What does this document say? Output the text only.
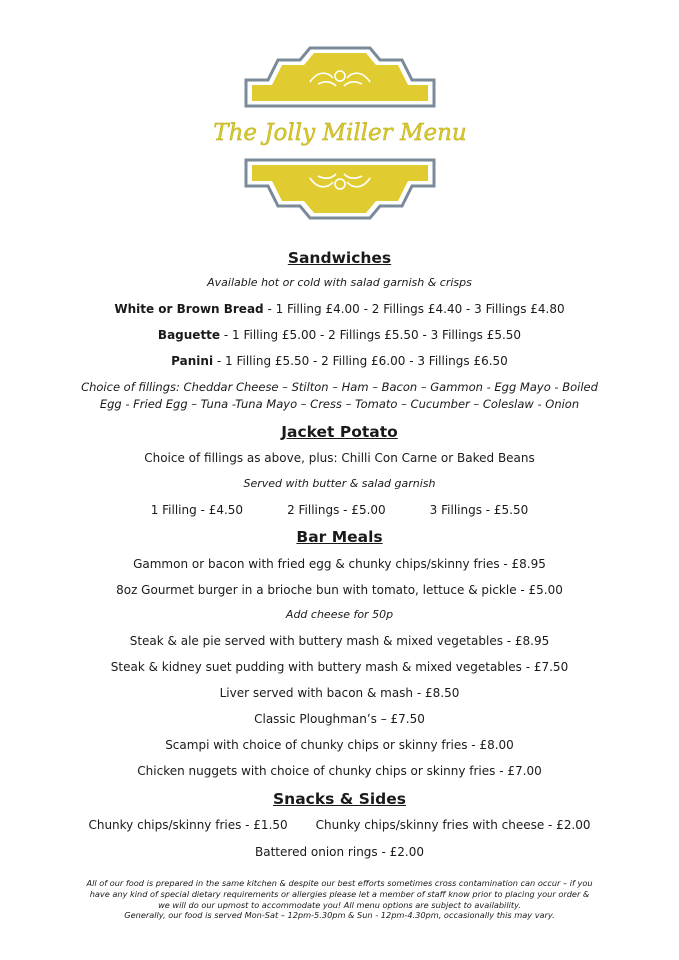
The Jolly Miller Menu
Sandwiches

Available hot or cold with salad garnish & crisps

White or Brown Bread - 1 Filling £4.00 - 2 Fillings £4.40 - 3 Fillings £4.80

Baguette - 1 Filling £5.00 - 2 Fillings £5.50 - 3 Fillings £5.50

Panini - 1 Filling £5.50 - 2 Filling £6.00 - 3 Fillings £6.50

Choice of fillings: Cheddar Cheese – Stilton – Ham – Bacon – Gammon - Egg Mayo - Boiled

Egg - Fried Egg – Tuna -Tuna Mayo – Cress – Tomato – Cucumber – Coleslaw - Onion

Jacket Potato

Choice of fillings as above, plus: Chilli Con Carne or Baked Beans

Served with butter & salad garnish

1 Filling - £4.50	2 Fillings - £5.00	3 Fillings - £5.50
Bar Meals

Gammon or bacon with fried egg & chunky chips/skinny fries - £8.95

8oz Gourmet burger in a brioche bun with tomato, lettuce & pickle - £5.00

Add cheese for 50p

Steak & ale pie served with buttery mash & mixed vegetables - £8.95

Steak & kidney suet pudding with buttery mash & mixed vegetables - £7.50

Liver served with bacon & mash - £8.50

Classic Ploughman’s – £7.50

Scampi with choice of chunky chips or skinny fries - £8.00

Chicken nuggets with choice of chunky chips or skinny fries - £7.00

Snacks & Sides
Chunky chips/skinny fries - £1.50 Chunky chips/skinny fries with cheese - £2.00

Battered onion rings - £2.00

All of our food is prepared in the same kitchen & despite our best efforts sometimes cross contamination can occur – if you
have any kind of special dietary requirements or allergies please let a member of staff know prior to placing your order &
we will do our upmost to accommodate you! All menu options are subject to availability.
Generally, our food is served Mon-Sat – 12pm-5.30pm & Sun - 12pm-4.30pm, occasionally this may vary.
